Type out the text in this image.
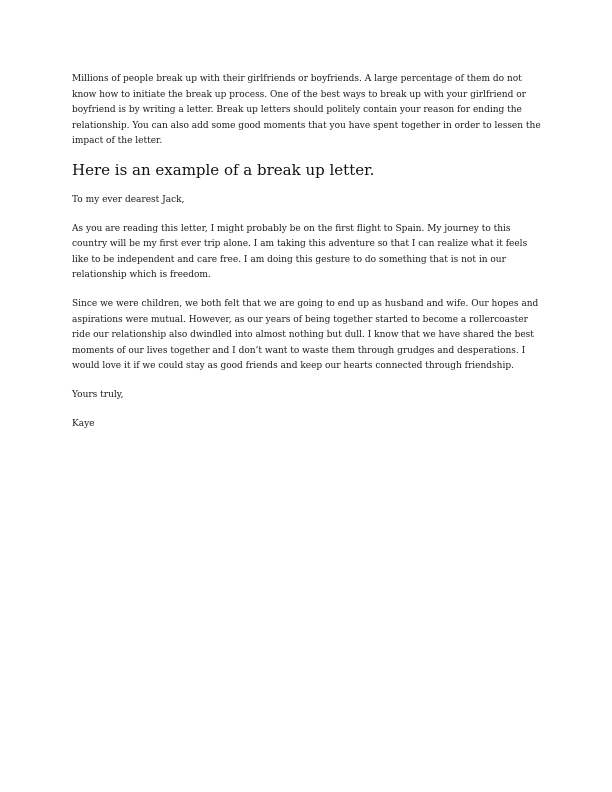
Millions of people break up with their girlfriends or boyfriends. A large percentage of them do not know how to initiate the break up process. One of the best ways to break up with your girlfriend or boyfriend is by writing a letter. Break up letters should politely contain your reason for ending the relationship. You can also add some good moments that you have spent together in order to lessen the impact of the letter.

Here is an example of a break up letter.

To my ever dearest Jack,

As you are reading this letter, I might probably be on the first flight to Spain. My journey to this country will be my first ever trip alone. I am taking this adventure so that I can realize what it feels like to be independent and care free. I am doing this gesture to do something that is not in our relationship which is freedom.

Since we were children, we both felt that we are going to end up as husband and wife. Our hopes and aspirations were mutual. However, as our years of being together started to become a rollercoaster ride our relationship also dwindled into almost nothing but dull. I know that we have shared the best moments of our lives together and I don’t want to waste them through grudges and desperations. I would love it if we could stay as good friends and keep our hearts connected through friendship.

Yours truly,

Kaye
